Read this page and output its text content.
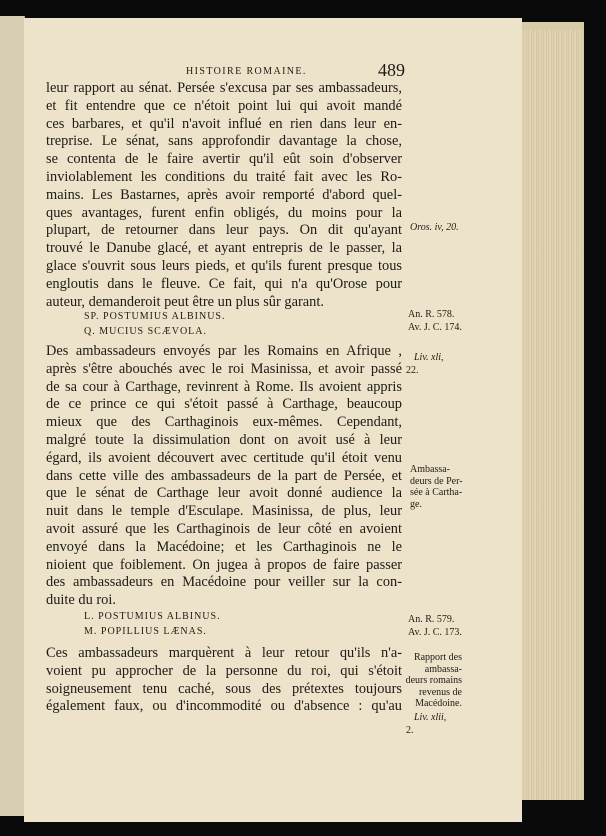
HISTOIRE ROMAINE.	489

leur rapport au sénat. Persée s'excusa par ses ambassadeurs,

et fit entendre que ce n'étoit point lui qui avoit mandé

ces barbares, et qu'il n'avoit influé en rien dans leur en-

treprise. Le sénat, sans approfondir davantage la chose,

se contenta de le faire avertir qu'il eût soin d'observer

inviolablement les conditions du traité fait avec les Ro-

mains. Les Bastarnes, après avoir remporté d'abord quel-

ques avantages, furent enfin obligés, du moins pour la

plupart, de retourner dans leur pays. On dit qu'ayant

trouvé le Danube glacé, et ayant entrepris de le passer, la

glace s'ouvrit sous leurs pieds, et qu'ils furent presque tous

engloutis dans le fleuve. Ce fait, qui n'a qu'Orose pour

auteur, demanderoit peut être un plus sûr garant.

SP. POSTUMIUS ALBINUS.
Q. MUCIUS SCÆVOLA.

Des ambassadeurs envoyés par les Romains en Afrique ,

après s'être abouchés avec le roi Masinissa, et avoir passé

de sa cour à Carthage, revinrent à Rome. Ils avoient appris

de ce prince ce qui s'étoit passé à Carthage, beaucoup

mieux que des Carthaginois eux-mêmes. Cependant,

malgré toute la dissimulation dont on avoit usé à leur

égard, ils avoient découvert avec certitude qu'il étoit venu

dans cette ville des ambassadeurs de la part de Persée, et

que le sénat de Carthage leur avoit donné audience la

nuit dans le temple d'Esculape. Masinissa, de plus, leur

avoit assuré que les Carthaginois de leur côté en avoient

envoyé dans la Macédoine; et les Carthaginois ne le

nioient que foiblement. On jugea à propos de faire passer

des ambassadeurs en Macédoine pour veiller sur la con-

duite du roi.

L. POSTUMIUS ALBINUS.
M. POPILLIUS LÆNAS.

Ces ambassadeurs marquèrent à leur retour qu'ils n'a-

voient pu approcher de la personne du roi, qui s'étoit

soigneusement tenu caché, sous des prétextes toujours

également faux, ou d'incommodité ou d'absence : qu'au

Oros. iv, 20.
An. R. 578.
Av. J. C. 174.
Liv. xli,
22.
Ambassa-
deurs de Per-
sée à Cartha-
ge.
An. R. 579.
Av. J. C. 173.
Rapport des
ambassa-
deurs romains
revenus de
Macédoine.
Liv. xlii,
2.
